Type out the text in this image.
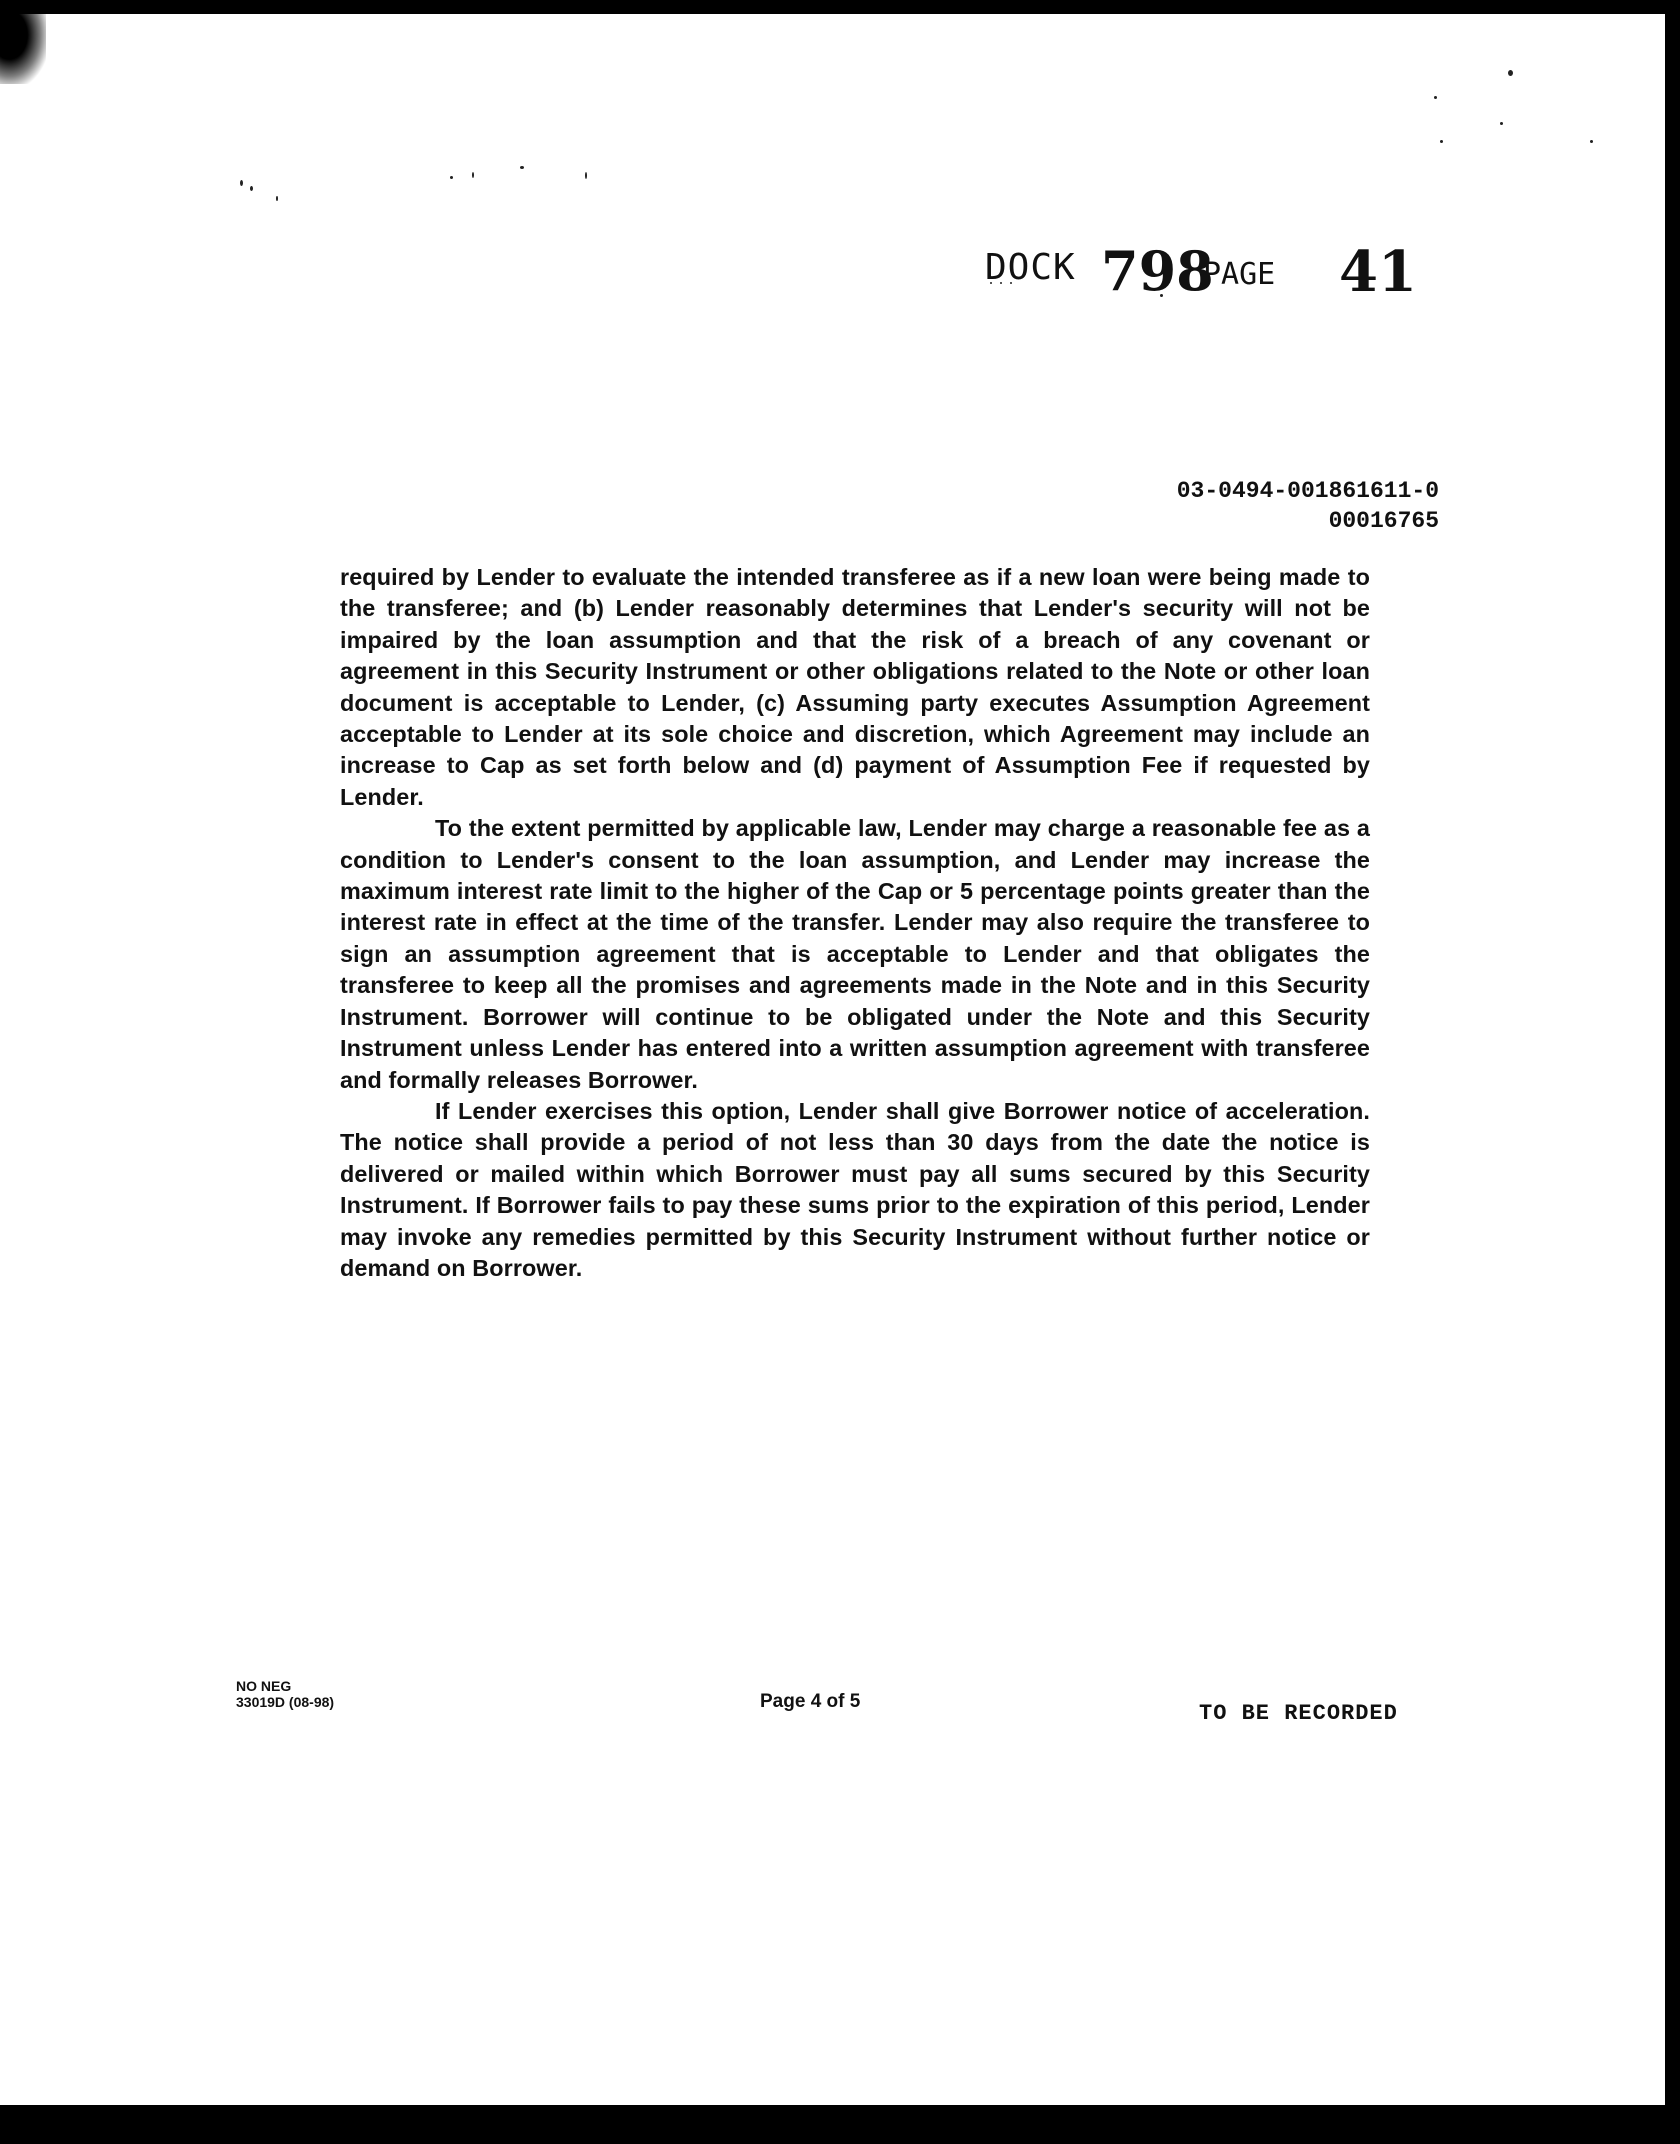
DOCK 798
PAGE 41
03-0494-001861611-0
00016765

required by Lender to evaluate the intended transferee as if a new loan were being made to the transferee; and (b) Lender reasonably determines that Lender's security will not be impaired by the loan assumption and that the risk of a breach of any covenant or agreement in this Security Instrument or other obligations related to the Note or other loan document is acceptable to Lender, (c) Assuming party executes Assumption Agreement acceptable to Lender at its sole choice and discretion, which Agreement may include an increase to Cap as set forth below and (d) payment of Assumption Fee if requested by Lender.

To the extent permitted by applicable law, Lender may charge a reasonable fee as a condition to Lender's consent to the loan assumption, and Lender may increase the maximum interest rate limit to the higher of the Cap or 5 percentage points greater than the interest rate in effect at the time of the transfer. Lender may also require the transferee to sign an assumption agreement that is acceptable to Lender and that obligates the transferee to keep all the promises and agreements made in the Note and in this Security Instrument. Borrower will continue to be obligated under the Note and this Security Instrument unless Lender has entered into a written assumption agreement with transferee and formally releases Borrower.

If Lender exercises this option, Lender shall give Borrower notice of acceleration. The notice shall provide a period of not less than 30 days from the date the notice is delivered or mailed within which Borrower must pay all sums secured by this Security Instrument. If Borrower fails to pay these sums prior to the expiration of this period, Lender may invoke any remedies permitted by this Security Instrument without further notice or demand on Borrower.

NO NEG
33019D (08-98)	Page 4 of 5	TO BE RECORDED
